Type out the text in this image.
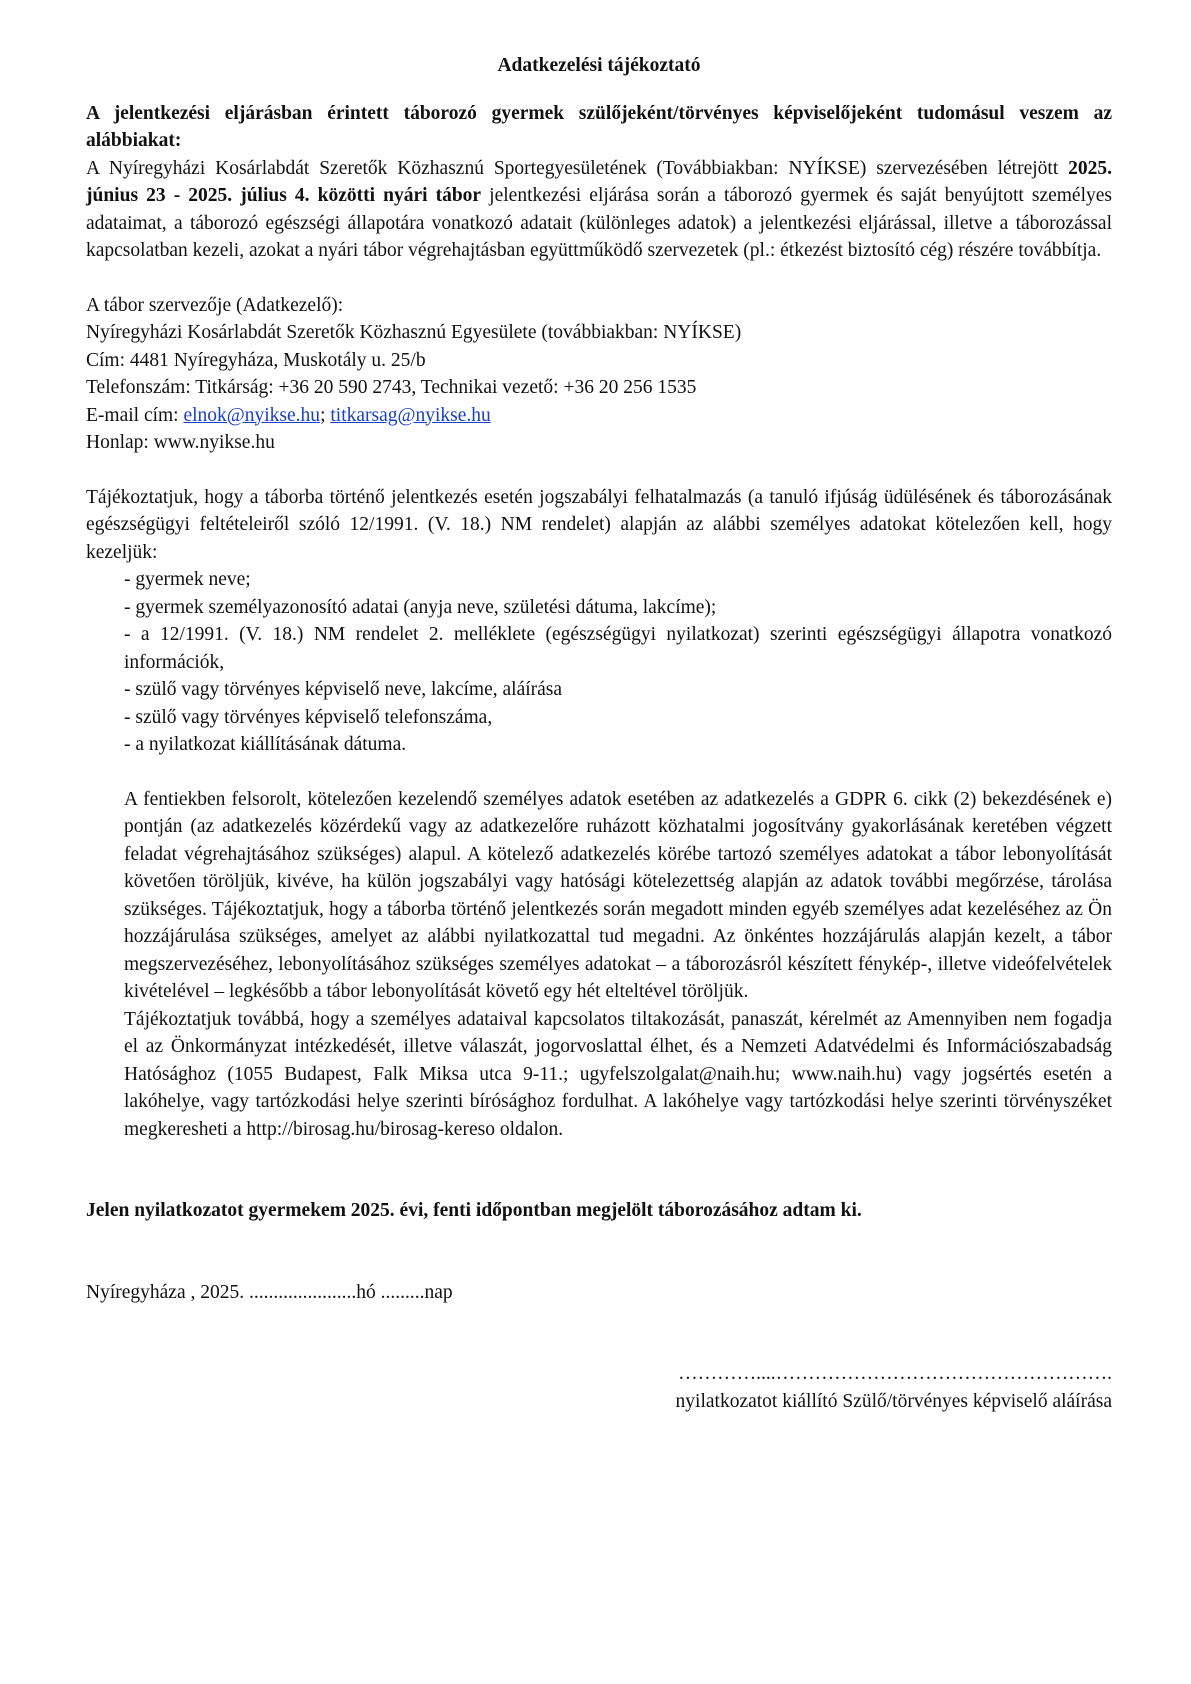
Adatkezelési tájékoztató

A jelentkezési eljárásban érintett táborozó gyermek szülőjeként/törvényes képviselőjeként tudomásul veszem az alábbiakat:

A Nyíregyházi Kosárlabdát Szeretők Közhasznú Sportegyesületének (Továbbiakban: NYÍKSE) szervezésében létrejött 2025. június 23 - 2025. július 4. közötti nyári tábor jelentkezési eljárása során a táborozó gyermek és saját benyújtott személyes adataimat, a táborozó egészségi állapotára vonatkozó adatait (különleges adatok) a jelentkezési eljárással, illetve a táborozással kapcsolatban kezeli, azokat a nyári tábor végrehajtásban együttműködő szervezetek (pl.: étkezést biztosító cég) részére továbbítja.

A tábor szervezője (Adatkezelő):

Nyíregyházi Kosárlabdát Szeretők Közhasznú Egyesülete (továbbiakban: NYÍKSE)

Cím: 4481 Nyíregyháza, Muskotály u. 25/b

Telefonszám: Titkárság: +36 20 590 2743, Technikai vezető: +36 20 256 1535

E-mail cím: elnok@nyikse.hu; titkarsag@nyikse.hu

Honlap: www.nyikse.hu

Tájékoztatjuk, hogy a táborba történő jelentkezés esetén jogszabályi felhatalmazás (a tanuló ifjúság üdülésének és táborozásának egészségügyi feltételeiről szóló 12/1991. (V. 18.) NM rendelet) alapján az alábbi személyes adatokat kötelezően kell, hogy kezeljük:

- gyermek neve;

- gyermek személyazonosító adatai (anyja neve, születési dátuma, lakcíme);

- a 12/1991. (V. 18.) NM rendelet 2. melléklete (egészségügyi nyilatkozat) szerinti egészségügyi állapotra vonatkozó információk,

- szülő vagy törvényes képviselő neve, lakcíme, aláírása

- szülő vagy törvényes képviselő telefonszáma,

- a nyilatkozat kiállításának dátuma.

A fentiekben felsorolt, kötelezően kezelendő személyes adatok esetében az adatkezelés a GDPR 6. cikk (2) bekezdésének e) pontján (az adatkezelés közérdekű vagy az adatkezelőre ruházott közhatalmi jogosítvány gyakorlásának keretében végzett feladat végrehajtásához szükséges) alapul. A kötelező adatkezelés körébe tartozó személyes adatokat a tábor lebonyolítását követően töröljük, kivéve, ha külön jogszabályi vagy hatósági kötelezettség alapján az adatok további megőrzése, tárolása szükséges. Tájékoztatjuk, hogy a táborba történő jelentkezés során megadott minden egyéb személyes adat kezeléséhez az Ön hozzájárulása szükséges, amelyet az alábbi nyilatkozattal tud megadni. Az önkéntes hozzájárulás alapján kezelt, a tábor megszervezéséhez, lebonyolításához szükséges személyes adatokat – a táborozásról készített fénykép-, illetve videófelvételek kivételével – legkésőbb a tábor lebonyolítását követő egy hét elteltével töröljük.

Tájékoztatjuk továbbá, hogy a személyes adataival kapcsolatos tiltakozását, panaszát, kérelmét az Amennyiben nem fogadja el az Önkormányzat intézkedését, illetve válaszát, jogorvoslattal élhet, és a Nemzeti Adatvédelmi és Információszabadság Hatósághoz (1055 Budapest, Falk Miksa utca 9-11.; ugyfelszolgalat@naih.hu; www.naih.hu) vagy jogsértés esetén a lakóhelye, vagy tartózkodási helye szerinti bírósághoz fordulhat. A lakóhelye vagy tartózkodási helye szerinti törvényszéket megkeresheti a http://birosag.hu/birosag-kereso oldalon.

Jelen nyilatkozatot gyermekem 2025. évi, fenti időpontban megjelölt táborozásához adtam ki.

Nyíregyháza , 2025. ......................hó .........nap

…………....…………………………………………….

nyilatkozatot kiállító Szülő/törvényes képviselő aláírása
